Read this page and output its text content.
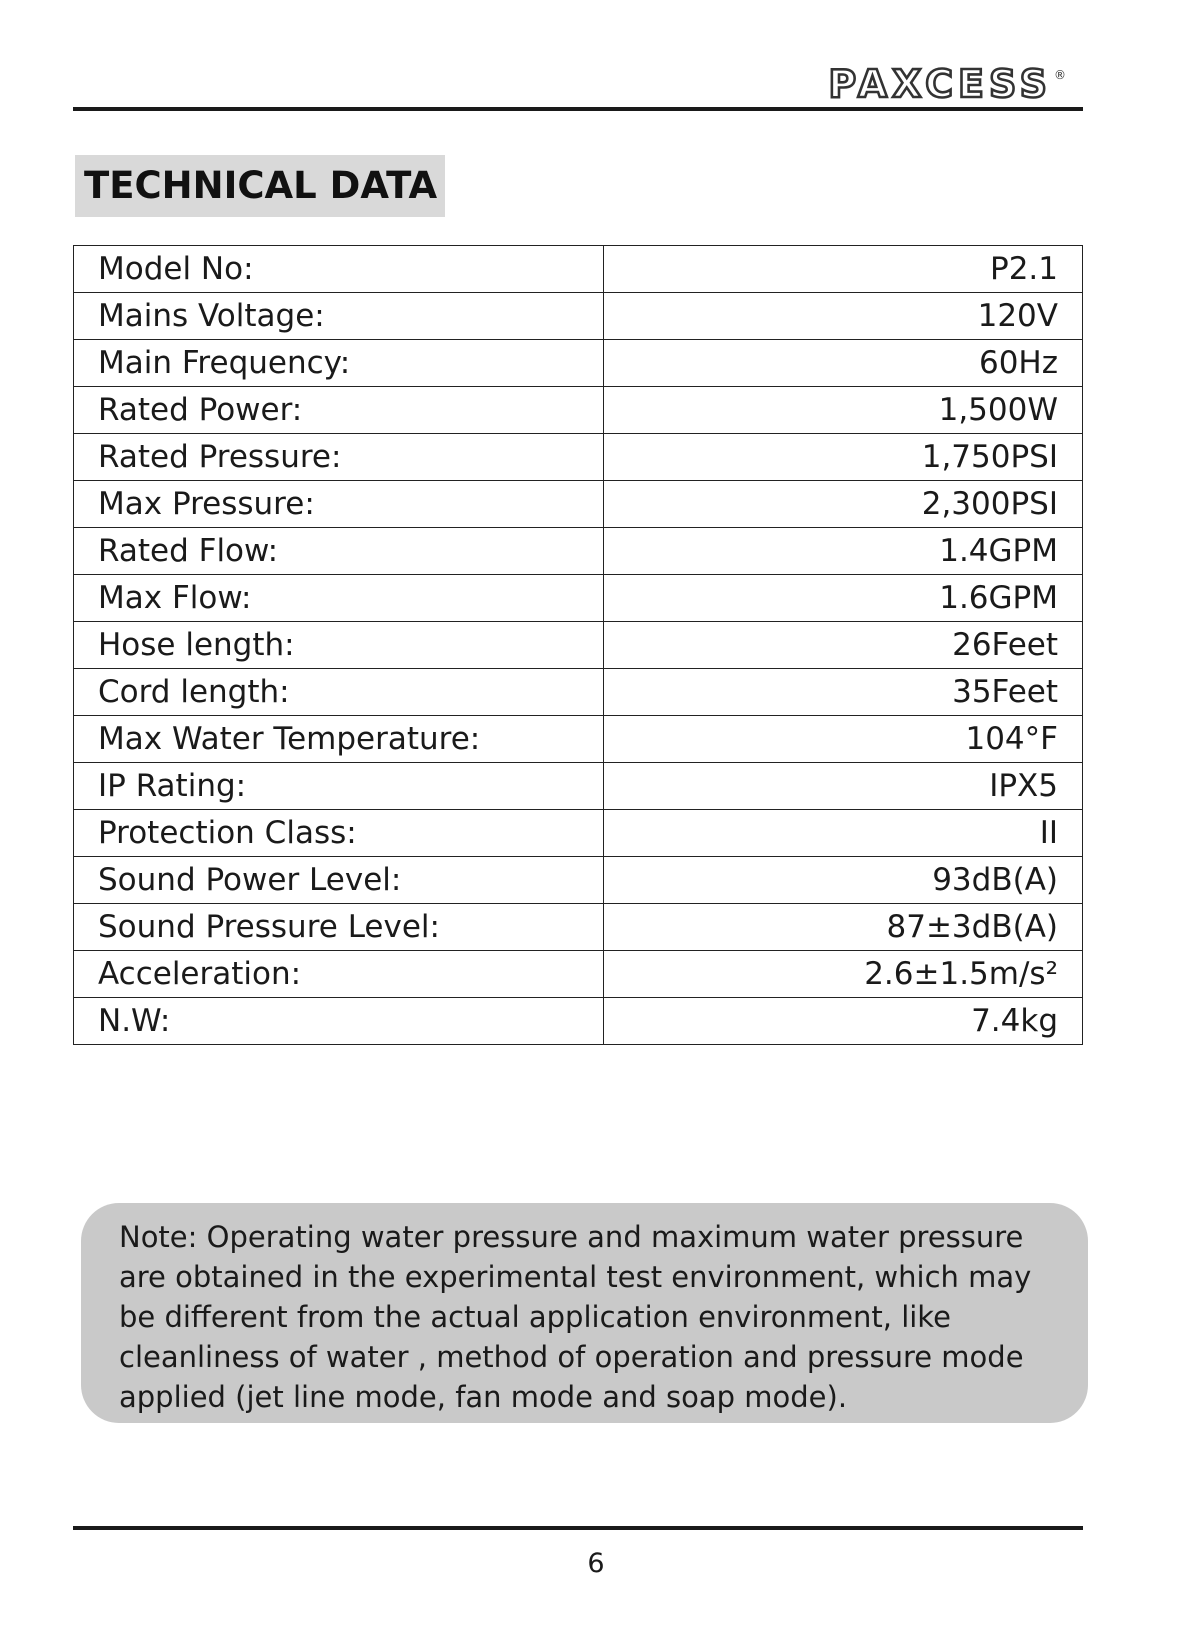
PAXCESS ®
TECHNICAL DATA
Model No:	P2.1
Mains Voltage:	120V
Main Frequency:	60Hz
Rated Power:	1,500W
Rated Pressure:	1,750PSI
Max Pressure:	2,300PSI
Rated Flow:	1.4GPM
Max Flow:	1.6GPM
Hose length:	26Feet
Cord length:	35Feet
Max Water Temperature:	104°F
IP Rating:	IPX5
Protection Class:	II
Sound Power Level:	93dB(A)
Sound Pressure Level:	87±3dB(A)
Acceleration:	2.6±1.5m/s²
N.W:	7.4kg
Note: Operating water pressure and maximum water pressure are obtained in the experimental test environment, which may be different from the actual application environment, like cleanliness of water , method of operation and pressure mode applied (jet line mode, fan mode and soap mode).
6
